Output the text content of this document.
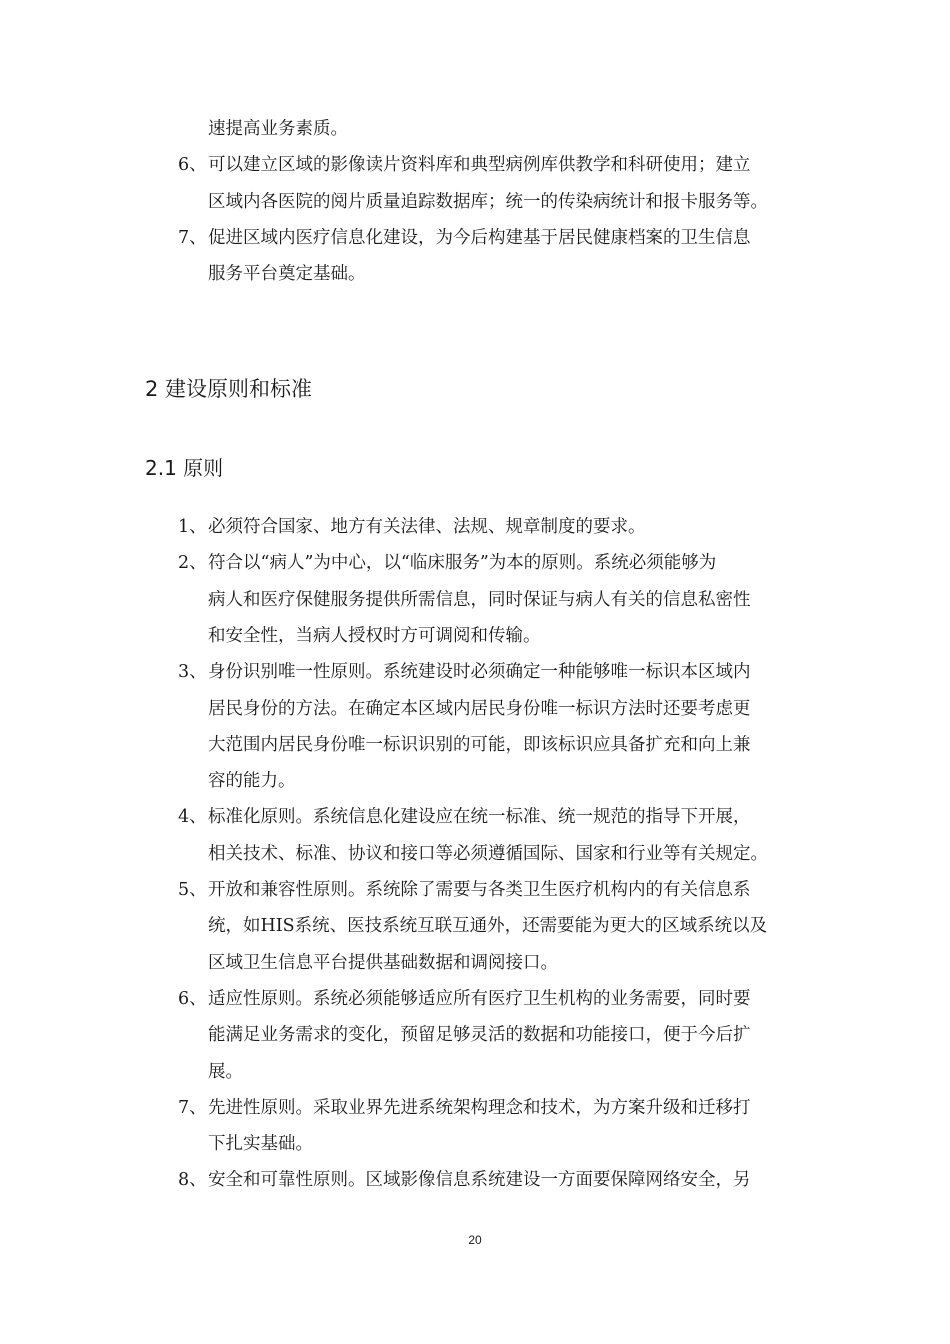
速提高业务素质。
6、 可以建立区域的影像读片资料库和典型病例库供教学和科研使用；建立
区域内各医院的阅片质量追踪数据库；统一的传染病统计和报卡服务等。
7、 促进区域内医疗信息化建设，为今后构建基于居民健康档案的卫生信息
服务平台奠定基础。
2 建设原则和标准
2.1 原则
1、 必须符合国家、地方有关法律、法规、规章制度的要求。
2、 符合以“病人”为中心，以“临床服务”为本的原则。系统必须能够为
病人和医疗保健服务提供所需信息，同时保证与病人有关的信息私密性
和安全性，当病人授权时方可调阅和传输。
3、 身份识别唯一性原则。系统建设时必须确定一种能够唯一标识本区域内
居民身份的方法。在确定本区域内居民身份唯一标识方法时还要考虑更
大范围内居民身份唯一标识识别的可能，即该标识应具备扩充和向上兼
容的能力。
4、 标准化原则。系统信息化建设应在统一标准、统一规范的指导下开展，
相关技术、标准、协议和接口等必须遵循国际、国家和行业等有关规定。
5、 开放和兼容性原则。系统除了需要与各类卫生医疗机构内的有关信息系
统，如HIS系统、医技系统互联互通外，还需要能为更大的区域系统以及
区域卫生信息平台提供基础数据和调阅接口。
6、 适应性原则。系统必须能够适应所有医疗卫生机构的业务需要，同时要
能满足业务需求的变化，预留足够灵活的数据和功能接口，便于今后扩
展。
7、 先进性原则。采取业界先进系统架构理念和技术，为方案升级和迁移打
下扎实基础。
8、 安全和可靠性原则。区域影像信息系统建设一方面要保障网络安全，另
20
